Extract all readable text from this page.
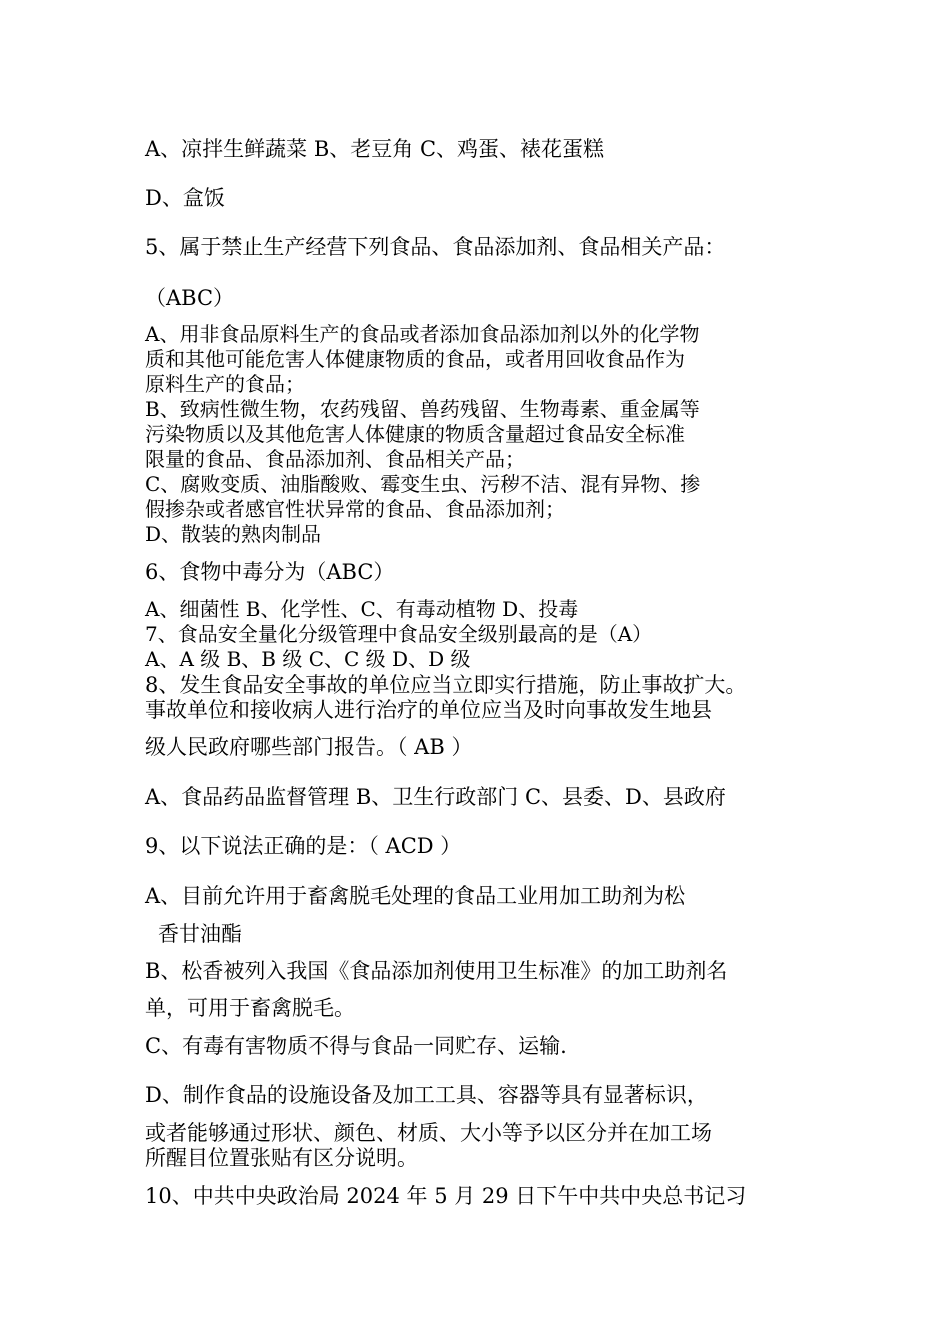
A、凉拌生鲜蔬菜 B、老豆角 C、鸡蛋、裱花蛋糕
D、盒饭
5、属于禁止生产经营下列食品、食品添加剂、食品相关产品：
（ABC）
A、用非食品原料生产的食品或者添加食品添加剂以外的化学物
质和其他可能危害人体健康物质的食品，或者用回收食品作为
原料生产的食品；
B、致病性微生物，农药残留、兽药残留、生物毒素、重金属等
污染物质以及其他危害人体健康的物质含量超过食品安全标准
限量的食品、食品添加剂、食品相关产品；
C、腐败变质、油脂酸败、霉变生虫、污秽不洁、混有异物、掺
假掺杂或者感官性状异常的食品、食品添加剂；
D、散装的熟肉制品
6、食物中毒分为（ABC）
A、细菌性 B、化学性、C、有毒动植物 D、投毒
7、食品安全量化分级管理中食品安全级别最高的是（A）
A、A 级 B、B 级 C、C 级 D、D 级
8、发生食品安全事故的单位应当立即实行措施，防止事故扩大。
事故单位和接收病人进行治疗的单位应当及时向事故发生地县
级人民政府哪些部门报告。（ AB ）
A、食品药品监督管理 B、卫生行政部门 C、县委、D、县政府
9、以下说法正确的是：（ ACD ）
A、目前允许用于畜禽脱毛处理的食品工业用加工助剂为松
香甘油酯
B、松香被列入我国《食品添加剂使用卫生标准》的加工助剂名
单，可用于畜禽脱毛。
C、有毒有害物质不得与食品一同贮存、运输.
D、制作食品的设施设备及加工工具、容器等具有显著标识，
或者能够通过形状、颜色、材质、大小等予以区分并在加工场
所醒目位置张贴有区分说明。
10、中共中央政治局 2024 年 5 月 29 日下午中共中央总书记习
